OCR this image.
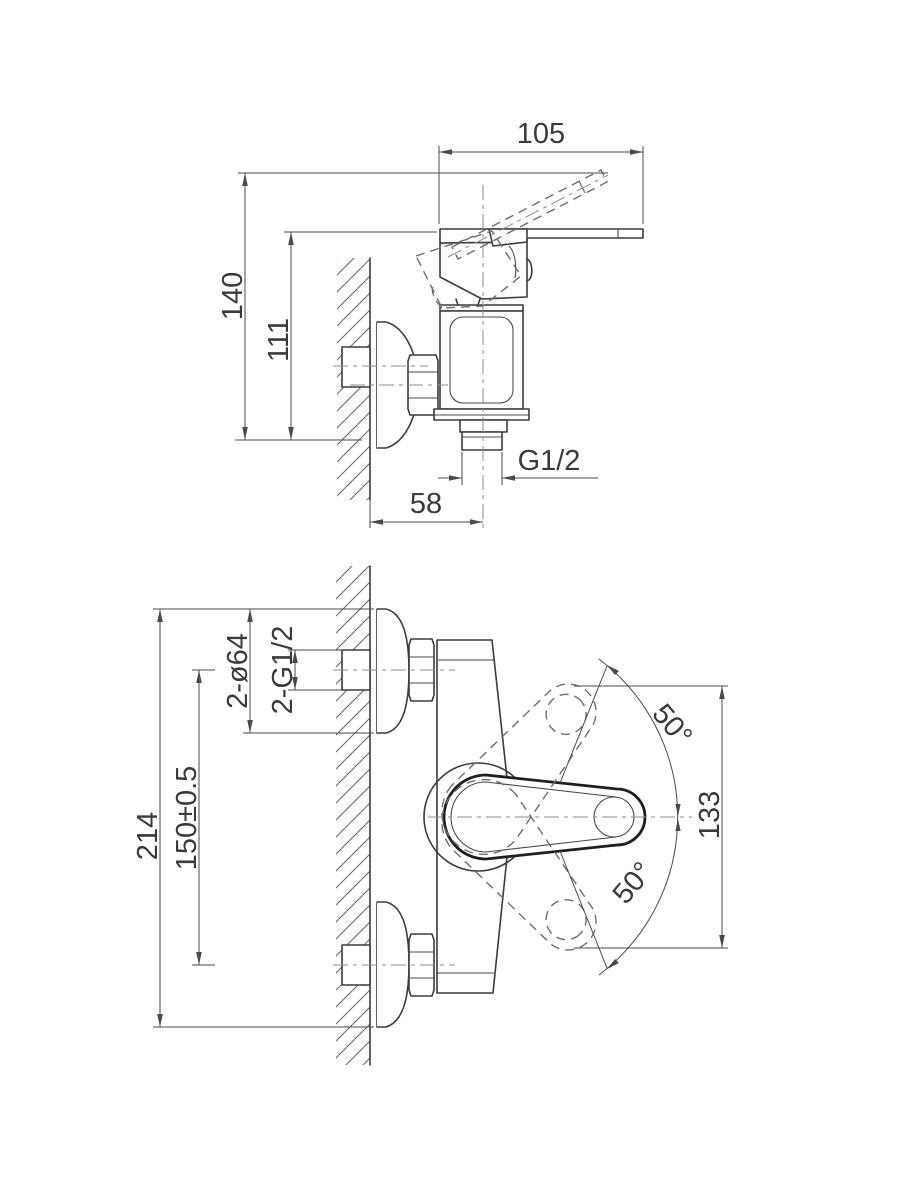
105
140
111
58
G1/2
50°
50°
214 150±0.5
2-ø64 2-G1/2
133
